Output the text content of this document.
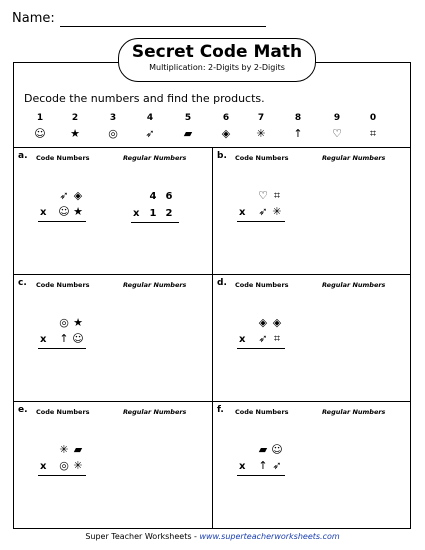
Name:
Secret Code Math
Multiplication: 2-Digits by 2-Digits
Decode the numbers and find the products.
1
☺
2
★
3
◎
4
➶
5
▰
6
◈
7
✳
8
↑
9
♡
0
⌗
a. Code Numbers	Regular Numbers
➶ ◈
x ☺ ★
4 6
x	1 2
b. Code Numbers	Regular Numbers
♡ ⌗
x ➶ ✳
c. Code Numbers	Regular Numbers
◎ ★
x ↑ ☺
d. Code Numbers	Regular Numbers
◈ ◈
x ➶ ⌗
e. Code Numbers	Regular Numbers
✳ ▰
x ◎ ✳
f. Code Numbers	Regular Numbers
▰ ☺
x ↑ ➶
Super Teacher Worksheets - www.superteacherworksheets.com
